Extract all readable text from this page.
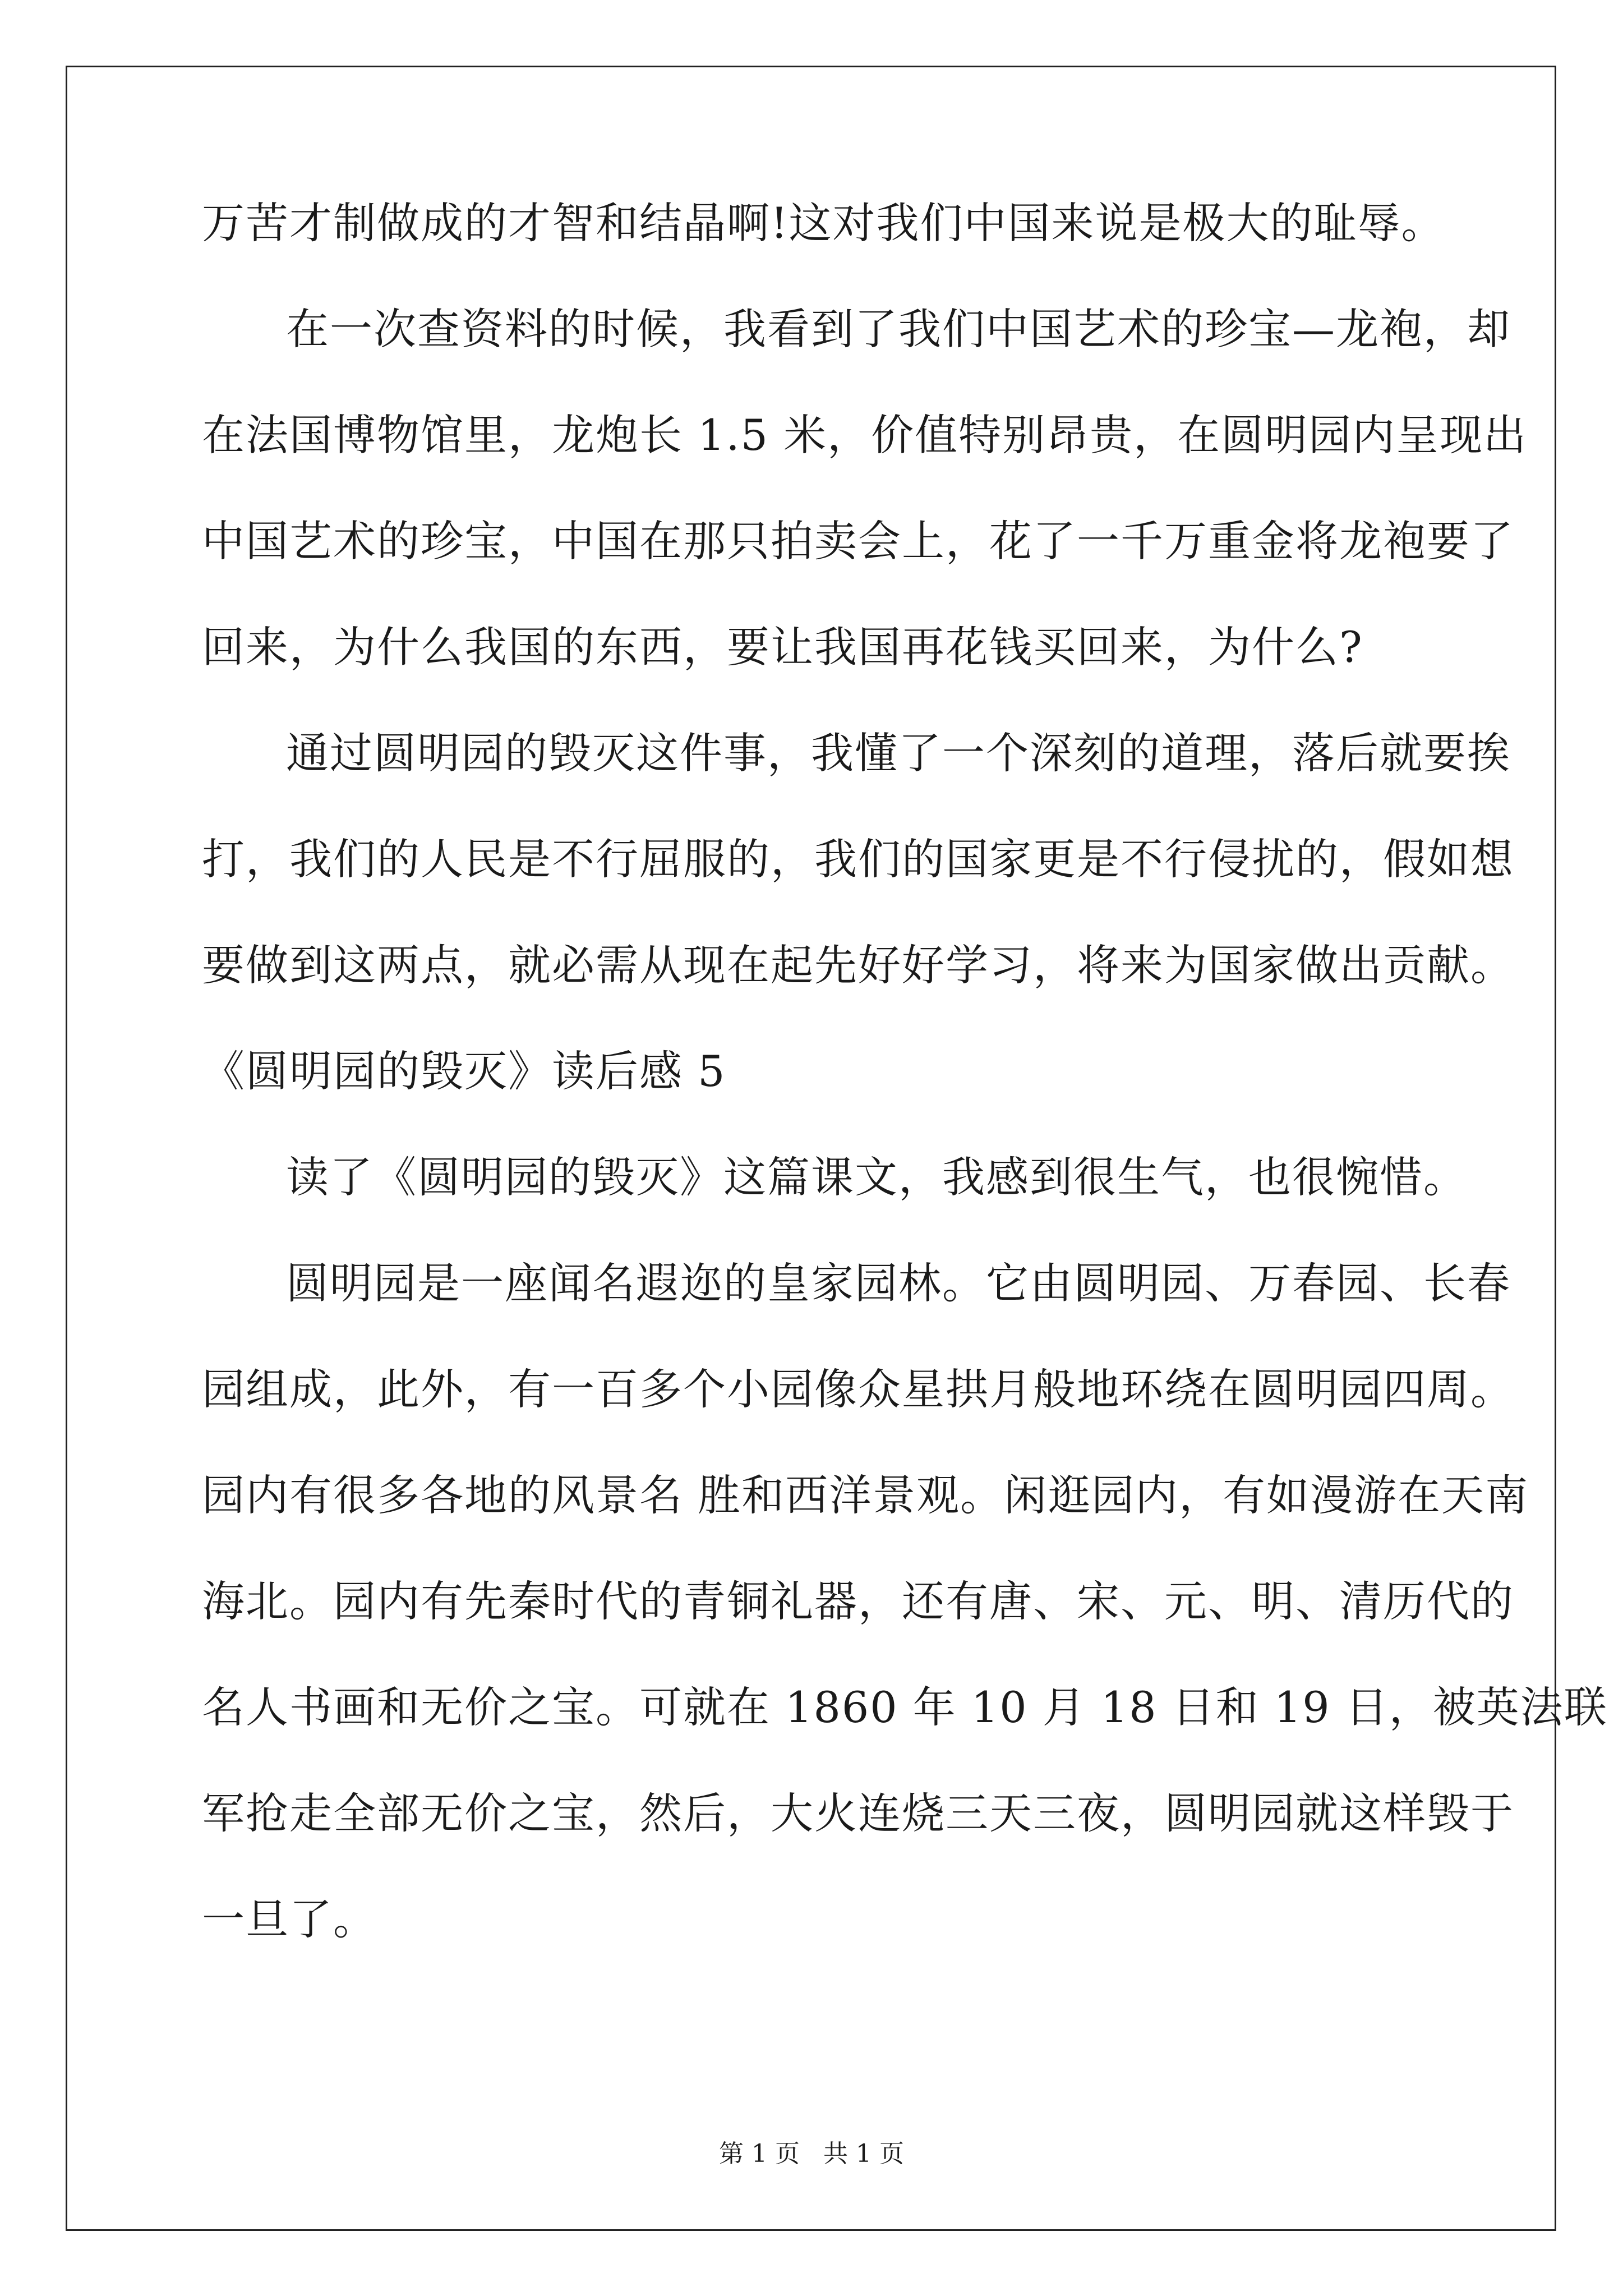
万苦才制做成的才智和结晶啊!这对我们中国来说是极大的耻辱。
在一次查资料的时候，我看到了我们中国艺术的珍宝—龙袍，却
在法国博物馆里，龙炮长 1.5 米，价值特别昂贵，在圆明园内呈现出
中国艺术的珍宝，中国在那只拍卖会上，花了一千万重金将龙袍要了
回来，为什么我国的东西，要让我国再花钱买回来，为什么?
通过圆明园的毁灭这件事，我懂了一个深刻的道理，落后就要挨
打，我们的人民是不行屈服的，我们的国家更是不行侵扰的，假如想
要做到这两点，就必需从现在起先好好学习，将来为国家做出贡献。
《圆明园的毁灭》读后感 5
读了《圆明园的毁灭》这篇课文，我感到很生气，也很惋惜。
圆明园是一座闻名遐迩的皇家园林。它由圆明园、万春园、长春
园组成，此外，有一百多个小园像众星拱月般地环绕在圆明园四周。
园内有很多各地的风景名 胜和西洋景观。闲逛园内，有如漫游在天南
海北。园内有先秦时代的青铜礼器，还有唐、宋、元、明、清历代的
名人书画和无价之宝。可就在 1860 年 10 月 18 日和 19 日，被英法联
军抢走全部无价之宝，然后，大火连烧三天三夜，圆明园就这样毁于
一旦了。
第 1 页   共 1 页
